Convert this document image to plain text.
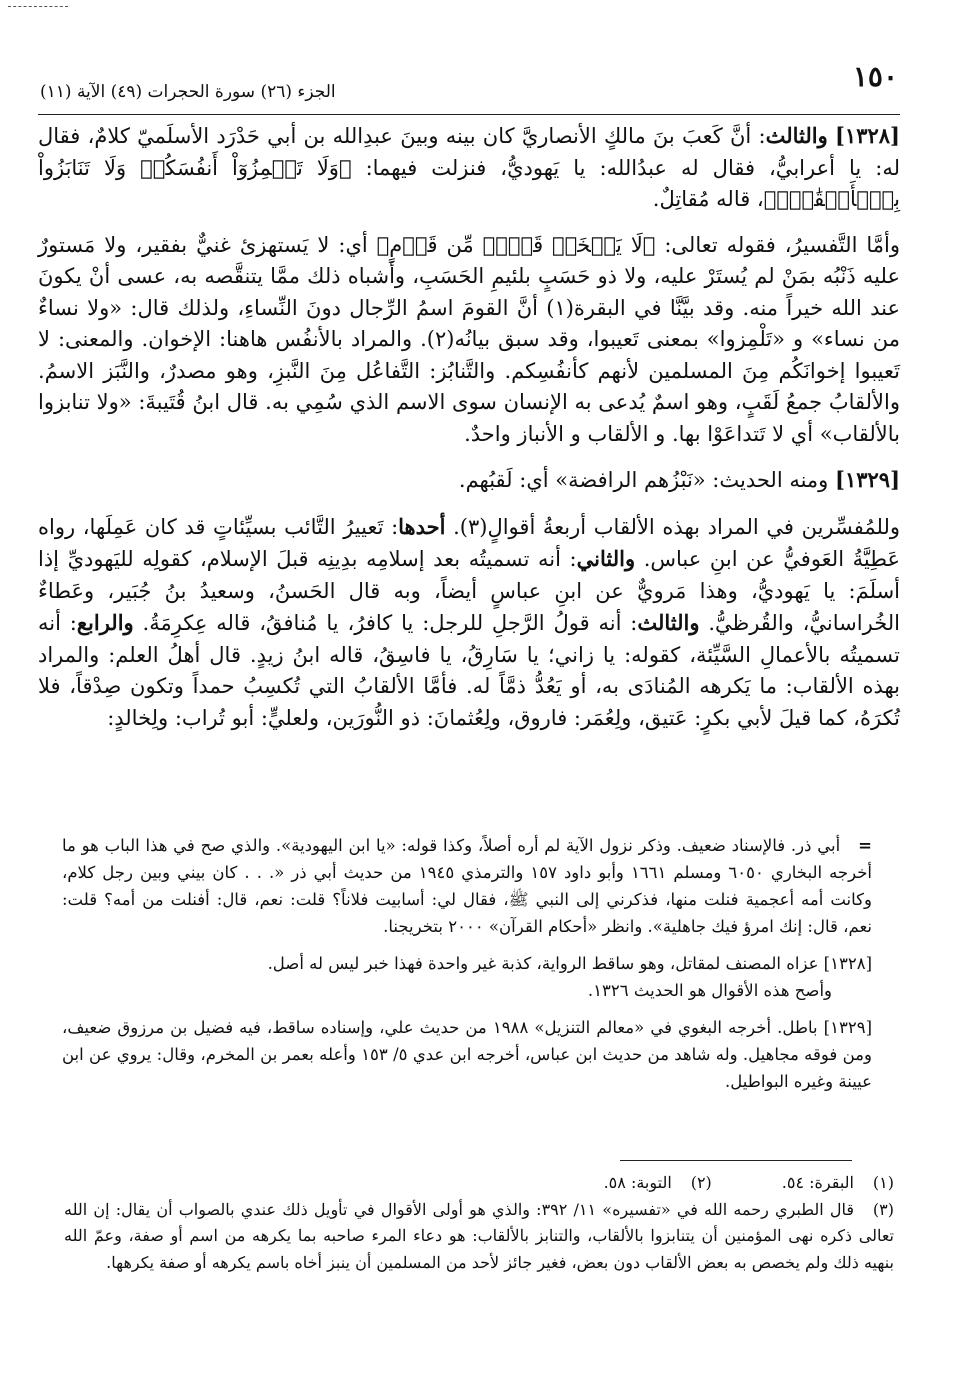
١٥٠
الجزء (٢٦) سورة الحجرات (٤٩) الآية (١١)

[١٣٢٨] والثالث: أنَّ كَعبَ بنَ مالكٍ الأنصاريَّ كان بينه وبينَ عبدِالله بن أبي حَدْرَد الأسلَميّ كلامٌ، فقال له: يا أعرابيُّ، فقال له عبدُالله: يا يَهوديُّ، فنزلت فيهما: ﴿وَلَا تَلۡمِزُوٓاْ أَنفُسَكُمۡ وَلَا تَنَابَزُواْ بِٱلۡأَلۡقَٰبِۖ﴾، قاله مُقاتِلٌ.

وأمَّا التَّفسيرُ، فقوله تعالى: ﴿لَا يَسۡخَرۡ قَوۡمٞ مِّن قَوۡمٍ﴾ أي: لا يَستهزئ غنيٌّ بفقير، ولا مَستورٌ عليه ذَنْبُه بمَنْ لم يُستَرْ عليه، ولا ذو حَسَبٍ بلئيمِ الحَسَبِ، وأشباه ذلك ممَّا يتنقَّصه به، عسى أنْ يكونَ عند الله خيراً منه. وقد بيَّنَّا في البقرة(١) أنَّ القومَ اسمُ الرِّجال دونَ النِّساءِ، ولذلك قال: «ولا نساءٌ من نساء» و «تَلْمِزوا» بمعنى تَعيبوا، وقد سبق بيانُه(٢). والمراد بالأنفُس هاهنا: الإخوان. والمعنى: لا تَعيبوا إخوانَكُم مِنَ المسلمين لأنهم كأنفُسِكم. والتَّنابُز: التَّفاعُل مِنَ النَّبزِ، وهو مصدرٌ، والنَّبَز الاسمُ. والألقابُ جمعُ لَقَبٍ، وهو اسمٌ يُدعى به الإنسان سوى الاسم الذي سُمِي به. قال ابنُ قُتَيبةَ: «ولا تنابزوا بالألقاب» أي لا تَتداعَوْا بها. و الألقاب و الأنباز واحدٌ.

[١٣٢٩] ومنه الحديث: «نَبْزُهم الرافضة» أي: لَقبُهم.

وللمُفسِّرين في المراد بهذه الألقاب أربعةُ أقوالٍ(٣). أحدها: تَعييرُ التَّائب بسيِّئاتٍ قد كان عَمِلَها، رواه عَطِيَّةُ العَوفيُّ عن ابنِ عباس. والثاني: أنه تسميتُه بعد إسلامِه بدِينِه قبلَ الإسلام، كقولِه لليَهوديِّ إذا أسلَمَ: يا يَهوديُّ، وهذا مَرويٌّ عن ابنِ عباسٍ أيضاً، وبه قال الحَسنُ، وسعيدُ بنُ جُبَير، وعَطاءٌ الخُراسانيُّ، والقُرظيُّ. والثالث: أنه قولُ الرَّجلِ للرجل: يا كافرُ، يا مُنافقُ، قاله عِكرِمَةُ. والرابع: أنه تسميتُه بالأعمالِ السَّيِّئة، كقوله: يا زاني؛ يا سَارِقُ، يا فاسِقُ، قاله ابنُ زيدٍ. قال أهلُ العلم: والمراد بهذه الألقاب: ما يَكرهه المُنادَى به، أو يَعُدُّ ذمَّاً له. فأمَّا الألقابُ التي تُكسِبُ حمداً وتكون صِدْقاً، فلا تُكرَهُ، كما قيلَ لأبي بكرٍ: عَتيق، ولِعُمَر: فاروق، ولِعُثمانَ: ذو النُّورَين، ولعليٍّ: أبو تُراب: ولِخالدٍ:

=
أبي ذر. فالإسناد ضعيف. وذكر نزول الآية لم أره أصلاً، وكذا قوله: «يا ابن اليهودية». والذي صح في هذا الباب هو ما أخرجه البخاري ٦٠٥٠ ومسلم ١٦٦١ وأبو داود ١٥٧ والترمذي ١٩٤٥ من حديث أبي ذر «. . . كان بيني وبين رجل كلام، وكانت أمه أعجمية فنلت منها، فذكرني إلى النبي ﷺ، فقال لي: أسابيت فلاناً؟ قلت: نعم، قال: أفنلت من أمه؟ قلت: نعم، قال: إنك امرؤ فيك جاهلية». وانظر «أحكام القرآن» ٢٠٠٠ بتخريجنا.

[١٣٢٨] عزاه المصنف لمقاتل، وهو ساقط الرواية، كذبة غير واحدة فهذا خبر ليس له أصل.

وأصح هذه الأقوال هو الحديث ١٣٢٦.

[١٣٢٩] باطل. أخرجه البغوي في «معالم التنزيل» ١٩٨٨ من حديث علي، وإسناده ساقط، فيه فضيل بن مرزوق ضعيف، ومن فوقه مجاهيل. وله شاهد من حديث ابن عباس، أخرجه ابن عدي ٥/ ١٥٣ وأعله بعمر بن المخرم، وقال: يروي عن ابن عيينة وغيره البواطيل.

(١)البقرة: ٥٤.(٢)التوبة: ٥٨.

(٣)قال الطبري رحمه الله في «تفسيره» ١١/ ٣٩٢: والذي هو أولى الأقوال في تأويل ذلك عندي بالصواب أن يقال: إن الله تعالى ذكره نهى المؤمنين أن يتنابزوا بالألقاب، والتنابز بالألقاب: هو دعاء المرء صاحبه بما يكرهه من اسم أو صفة، وعمّ الله بنهيه ذلك ولم يخصص به بعض الألقاب دون بعض، فغير جائز لأحد من المسلمين أن ينبز أخاه باسم يكرهه أو صفة يكرهها.
